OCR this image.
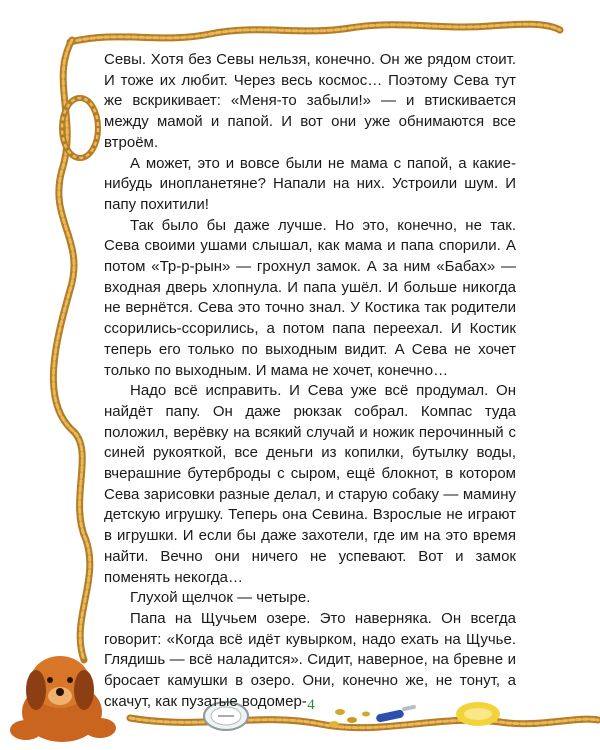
Севы. Хотя без Севы нельзя, конечно. Он же рядом стоит. И тоже их любит. Через весь космос… Поэтому Сева тут же вскрикивает: «Меня-то забыли!» — и втискивается между мамой и папой. И вот они уже обнимаются все втроём.

А может, это и вовсе были не мама с папой, а какие-нибудь инопланетяне? Напали на них. Устроили шум. И папу похитили!

Так было бы даже лучше. Но это, конечно, не так. Сева своими ушами слышал, как мама и папа спорили. А потом «Тр-р-рын» — грохнул замок. А за ним «Бабах» — входная дверь хлопнула. И папа ушёл. И больше никогда не вернётся. Сева это точно знал. У Костика так родители ссорились-ссорились, а потом папа переехал. И Костик теперь его только по выходным видит. А Сева не хочет только по выходным. И мама не хочет, конечно…

Надо всё исправить. И Сева уже всё продумал. Он найдёт папу. Он даже рюкзак собрал. Компас туда положил, верёвку на всякий случай и ножик перочинный с синей рукояткой, все деньги из копилки, бутылку воды, вчерашние бутерброды с сыром, ещё блокнот, в котором Сева зарисовки разные делал, и старую собаку — мамину детскую игрушку. Теперь она Севина. Взрослые не играют в игрушки. И если бы даже захотели, где им на это время найти. Вечно они ничего не успевают. Вот и замок поменять некогда…

Глухой щелчок — четыре.

Папа на Щучьем озере. Это наверняка. Он всегда говорит: «Когда всё идёт кувырком, надо ехать на Щучье. Глядишь — всё наладится». Сидит, наверное, на бревне и бросает камушки в озеро. Они, конечно же, не тонут, а скачут, как пузатые водомер- 4
